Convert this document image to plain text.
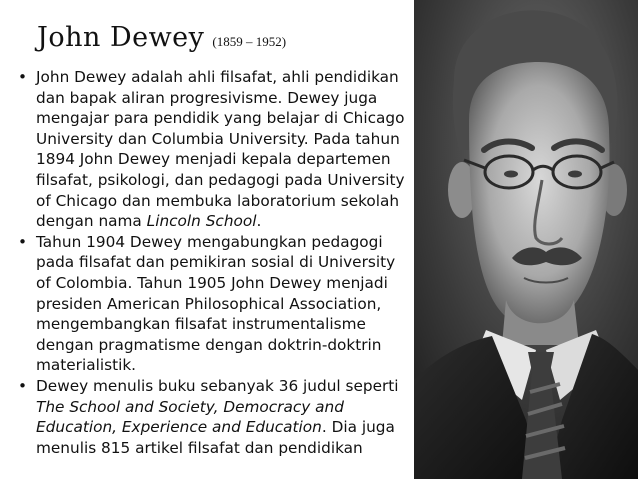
John Dewey (1859 – 1952)
• John Dewey adalah ahli filsafat, ahli pendidikan dan bapak aliran progresivisme. Dewey juga mengajar para pendidik yang belajar di Chicago University dan Columbia University. Pada tahun 1894 John Dewey menjadi kepala departemen filsafat, psikologi, dan pedagogi pada University of Chicago dan membuka laboratorium sekolah dengan nama Lincoln School.
• Tahun 1904 Dewey mengabungkan pedagogi pada filsafat dan pemikiran sosial di University of Colombia. Tahun 1905 John Dewey menjadi presiden American Philosophical Association, mengembangkan filsafat instrumentalisme dengan pragmatisme dengan doktrin-doktrin materialistik.
• Dewey menulis buku sebanyak 36 judul seperti The School and Society, Democracy and Education, Experience and Education. Dia juga menulis 815 artikel filsafat dan pendidikan
